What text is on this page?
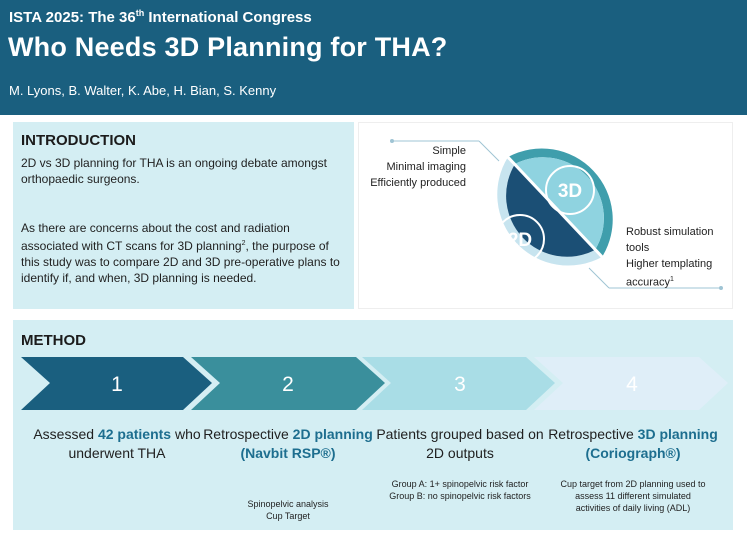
ISTA 2025: The 36th International Congress
Who Needs 3D Planning for THA?
M. Lyons, B. Walter, K. Abe, H. Bian, S. Kenny
INTRODUCTION

2D vs 3D planning for THA is an ongoing debate amongst orthopaedic surgeons.

As there are concerns about the cost and radiation associated with CT scans for 3D planning$^2$, the purpose of this study was to compare 2D and 3D pre-operative plans to identify if, and when, 3D planning is needed.

2D
3D
Simple
Minimal imaging
Efficiently produced
Robust simulation
tools
Higher templating
accuracy$^1$
METHOD
1	2	3	4
Assessed 42 patients who underwent THA
Retrospective 2D planning (Navbit RSP®)
Spinopelvic analysis
Cup Target
Patients grouped based on 2D outputs
Group A: 1+ spinopelvic risk factor
Group B: no spinopelvic risk factors
Retrospective 3D planning (Coriograph®)
Cup target from 2D planning used to
assess 11 different simulated
activities of daily living (ADL)
